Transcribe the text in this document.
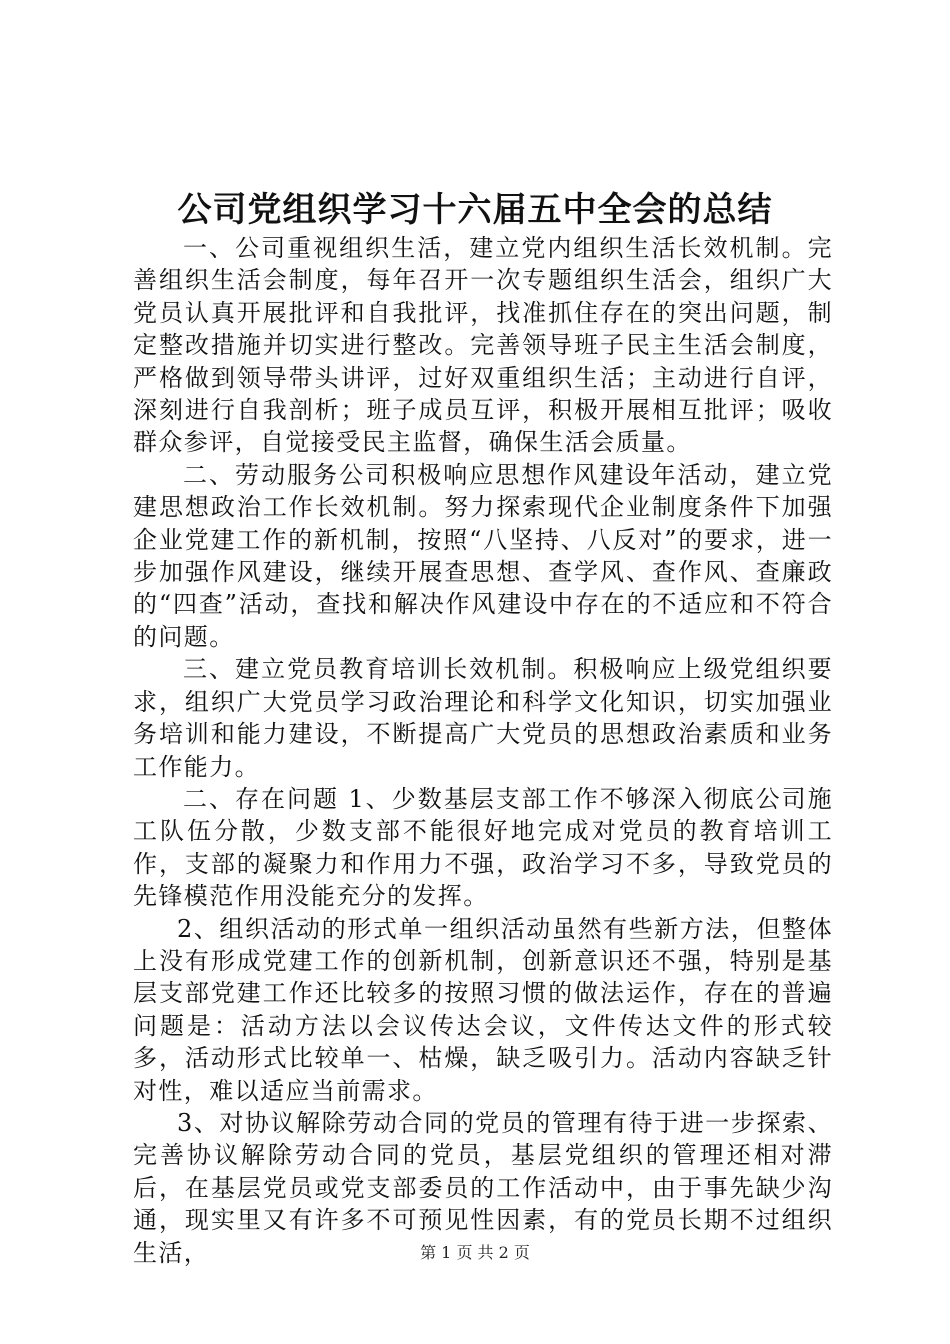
公司党组织学习十六届五中全会的总结

一、公司重视组织生活，建立党内组织生活长效机制。完善组织生活会制度，每年召开一次专题组织生活会，组织广大党员认真开展批评和自我批评，找准抓住存在的突出问题，制定整改措施并切实进行整改。完善领导班子民主生活会制度，严格做到领导带头讲评，过好双重组织生活；主动进行自评，深刻进行自我剖析；班子成员互评，积极开展相互批评；吸收群众参评，自觉接受民主监督，确保生活会质量。

二、劳动服务公司积极响应思想作风建设年活动，建立党建思想政治工作长效机制。努力探索现代企业制度条件下加强企业党建工作的新机制，按照“八坚持、八反对”的要求，进一步加强作风建设，继续开展查思想、查学风、查作风、查廉政的“四查”活动，查找和解决作风建设中存在的不适应和不符合的问题。

三、建立党员教育培训长效机制。积极响应上级党组织要求，组织广大党员学习政治理论和科学文化知识，切实加强业务培训和能力建设，不断提高广大党员的思想政治素质和业务工作能力。

二、存在问题 1、少数基层支部工作不够深入彻底公司施工队伍分散，少数支部不能很好地完成对党员的教育培训工作，支部的凝聚力和作用力不强，政治学习不多，导致党员的先锋模范作用没能充分的发挥。

2、组织活动的形式单一组织活动虽然有些新方法，但整体上没有形成党建工作的创新机制，创新意识还不强，特别是基层支部党建工作还比较多的按照习惯的做法运作，存在的普遍问题是：活动方法以会议传达会议，文件传达文件的形式较多，活动形式比较单一、枯燥，缺乏吸引力。活动内容缺乏针对性，难以适应当前需求。

3、对协议解除劳动合同的党员的管理有待于进一步探索、完善协议解除劳动合同的党员，基层党组织的管理还相对滞后，在基层党员或党支部委员的工作活动中，由于事先缺少沟通，现实里又有许多不可预见性因素，有的党员长期不过组织生活，	第 1 页 共 2 页
